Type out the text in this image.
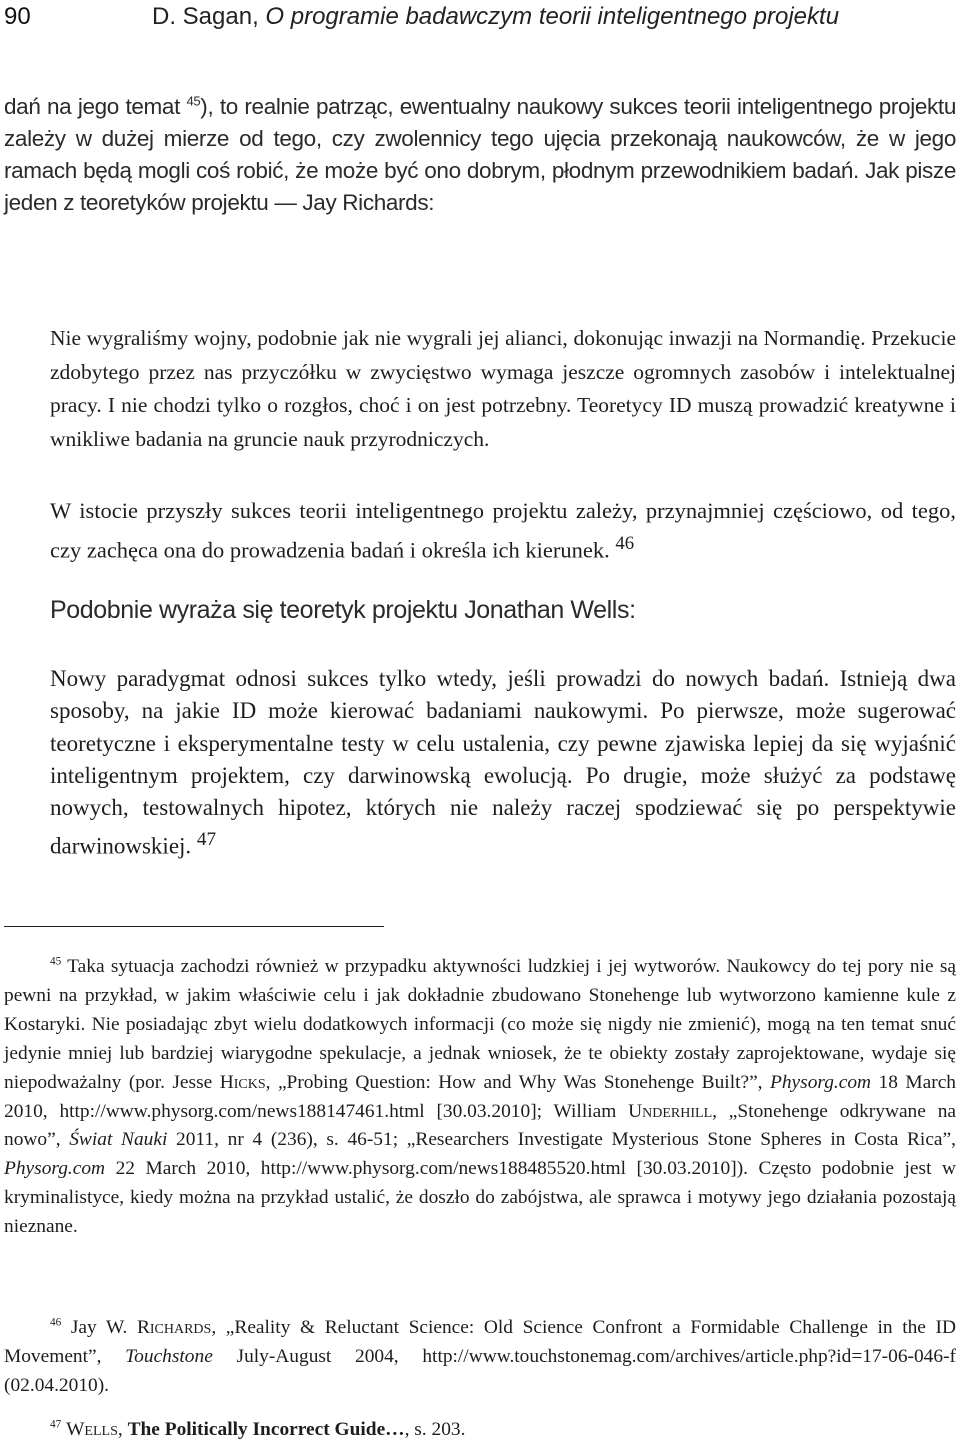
90	D. Sagan, O programie badawczym teorii inteligentnego projektu

dań na jego temat $^{45}$), to realnie patrząc, ewentualny naukowy sukces teorii inteligentnego projektu zależy w dużej mierze od tego, czy zwolennicy tego ujęcia przekonają naukowców, że w jego ramach będą mogli coś robić, że może być ono dobrym, płodnym przewodnikiem badań. Jak pisze jeden z teoretyków projektu — Jay Richards:

Nie wygraliśmy wojny, podobnie jak nie wygrali jej alianci, dokonując inwazji na Normandię. Przekucie zdobytego przez nas przyczółku w zwycięstwo wymaga jeszcze ogromnych zasobów i intelektualnej pracy. I nie chodzi tylko o rozgłos, choć i on jest potrzebny. Teoretycy ID muszą prowadzić kreatywne i wnikliwe badania na gruncie nauk przyrodniczych.

W istocie przyszły sukces teorii inteligentnego projektu zależy, przynajmniej częściowo, od tego, czy zachęca ona do prowadzenia badań i określa ich kierunek. $^{46}$

Podobnie wyraża się teoretyk projektu Jonathan Wells:

Nowy paradygmat odnosi sukces tylko wtedy, jeśli prowadzi do nowych badań. Istnieją dwa sposoby, na jakie ID może kierować badaniami naukowymi. Po pierwsze, może sugerować teoretyczne i eksperymentalne testy w celu ustalenia, czy pewne zjawiska lepiej da się wyjaśnić inteligentnym projektem, czy darwinowską ewolucją. Po drugie, może służyć za podstawę nowych, testowalnych hipotez, których nie należy raczej spodziewać się po perspektywie darwinowskiej. $^{47}$

$^{45}$ Taka sytuacja zachodzi również w przypadku aktywności ludzkiej i jej wytworów. Naukowcy do tej pory nie są pewni na przykład, w jakim właściwie celu i jak dokładnie zbudowano Stonehenge lub wytworzono kamienne kule z Kostaryki. Nie posiadając zbyt wielu dodatkowych informacji (co może się nigdy nie zmienić), mogą na ten temat snuć jedynie mniej lub bardziej wiarygodne spekulacje, a jednak wniosek, że te obiekty zostały zaprojektowane, wydaje się niepodważalny (por. Jesse Hicks, „Probing Question: How and Why Was Stonehenge Built?”, Physorg.com 18 March 2010, http://www.physorg.com/news188147461.html [30.03.2010]; William Underhill, „Stonehenge odkrywane na nowo”, Świat Nauki 2011, nr 4 (236), s. 46-51; „Researchers Investigate Mysterious Stone Spheres in Costa Rica”, Physorg.com 22 March 2010, http://www.physorg.com/news188485520.html [30.03.2010]). Często podobnie jest w kryminalistyce, kiedy można na przykład ustalić, że doszło do zabójstwa, ale sprawca i motywy jego działania pozostają nieznane.

$^{46}$ Jay W. Richards, „Reality & Reluctant Science: Old Science Confront a Formidable Challenge in the ID Movement”, Touchstone July-August 2004, http://www.touchstonemag.com/archives/article.php?id=17-06-046-f (02.04.2010).

$^{47}$ Wells, The Politically Incorrect Guide…, s. 203.
